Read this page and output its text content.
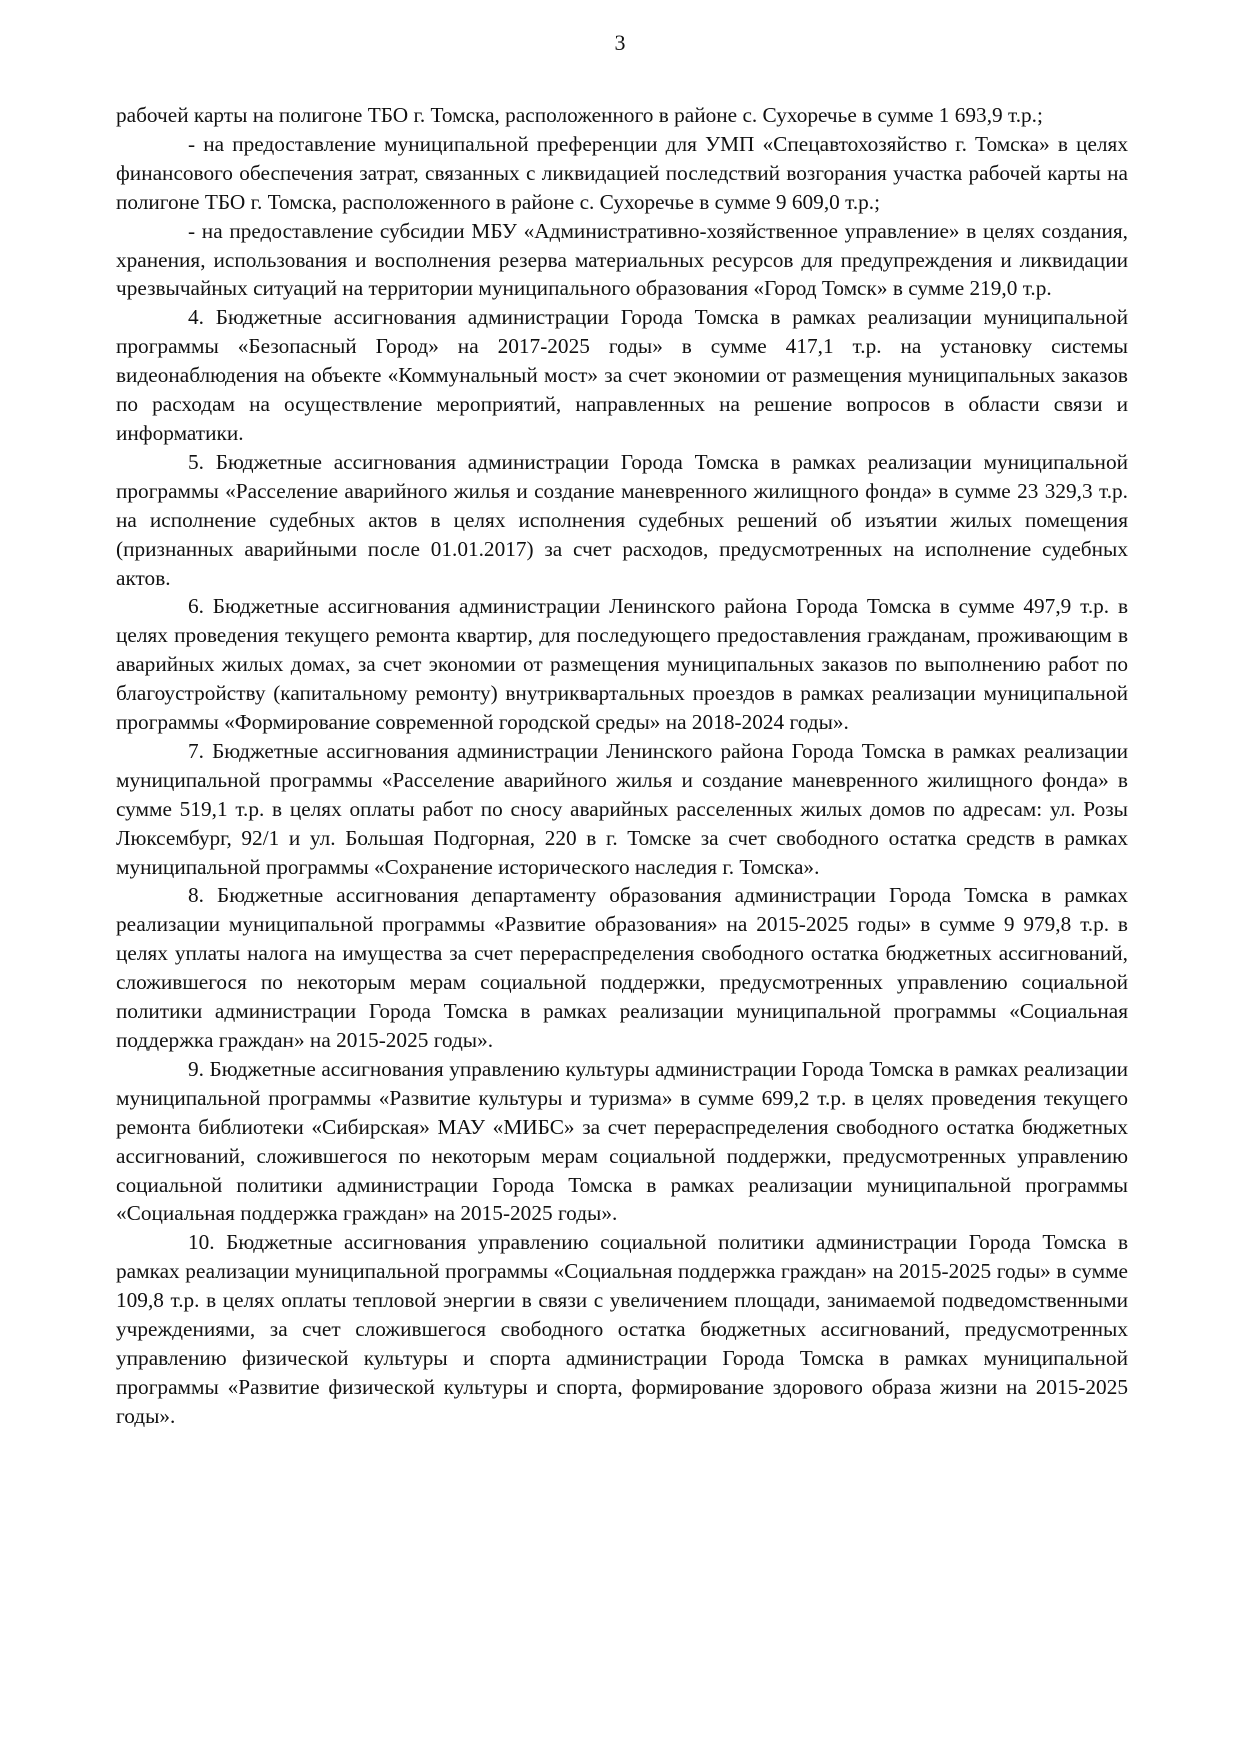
3

рабочей карты на полигоне ТБО г. Томска, расположенного в районе с. Сухоречье в сумме 1 693,9 т.р.;

- на предоставление муниципальной преференции для УМП «Спецавтохозяйство г. Томска» в целях финансового обеспечения затрат, связанных с ликвидацией последствий возгорания участка рабочей карты на полигоне ТБО г. Томска, расположенного в районе с. Сухоречье в сумме 9 609,0 т.р.;

- на предоставление субсидии МБУ «Административно-хозяйственное управление» в целях создания, хранения, использования и восполнения резерва материальных ресурсов для предупреждения и ликвидации чрезвычайных ситуаций на территории муниципального образования «Город Томск» в сумме 219,0 т.р.

4. Бюджетные ассигнования администрации Города Томска в рамках реализации муниципальной программы «Безопасный Город» на 2017-2025 годы» в сумме 417,1 т.р. на установку системы видеонаблюдения на объекте «Коммунальный мост» за счет экономии от размещения муниципальных заказов по расходам на осуществление мероприятий, направленных на решение вопросов в области связи и информатики.

5. Бюджетные ассигнования администрации Города Томска в рамках реализации муниципальной программы «Расселение аварийного жилья и создание маневренного жилищного фонда» в сумме 23 329,3 т.р. на исполнение судебных актов в целях исполнения судебных решений об изъятии жилых помещения (признанных аварийными после 01.01.2017) за счет расходов, предусмотренных на исполнение судебных актов.

6. Бюджетные ассигнования администрации Ленинского района Города Томска в сумме 497,9 т.р. в целях проведения текущего ремонта квартир, для последующего предоставления гражданам, проживающим в аварийных жилых домах, за счет экономии от размещения муниципальных заказов по выполнению работ по благоустройству (капитальному ремонту) внутриквартальных проездов в рамках реализации муниципальной программы «Формирование современной городской среды» на 2018-2024 годы».

7. Бюджетные ассигнования администрации Ленинского района Города Томска в рамках реализации муниципальной программы «Расселение аварийного жилья и создание маневренного жилищного фонда» в сумме 519,1 т.р. в целях оплаты работ по сносу аварийных расселенных жилых домов по адресам: ул. Розы Люксембург, 92/1 и ул. Большая Подгорная, 220 в г. Томске за счет свободного остатка средств в рамках муниципальной программы «Сохранение исторического наследия г. Томска».

8. Бюджетные ассигнования департаменту образования администрации Города Томска в рамках реализации муниципальной программы «Развитие образования» на 2015-2025 годы» в сумме 9 979,8 т.р. в целях уплаты налога на имущества за счет перераспределения свободного остатка бюджетных ассигнований, сложившегося по некоторым мерам социальной поддержки, предусмотренных управлению социальной политики администрации Города Томска в рамках реализации муниципальной программы «Социальная поддержка граждан» на 2015-2025 годы».

9. Бюджетные ассигнования управлению культуры администрации Города Томска в рамках реализации муниципальной программы «Развитие культуры и туризма» в сумме 699,2 т.р. в целях проведения текущего ремонта библиотеки «Сибирская» МАУ «МИБС» за счет перераспределения свободного остатка бюджетных ассигнований, сложившегося по некоторым мерам социальной поддержки, предусмотренных управлению социальной политики администрации Города Томска в рамках реализации муниципальной программы «Социальная поддержка граждан» на 2015-2025 годы».

10. Бюджетные ассигнования управлению социальной политики администрации Города Томска в рамках реализации муниципальной программы «Социальная поддержка граждан» на 2015-2025 годы» в сумме 109,8 т.р. в целях оплаты тепловой энергии в связи с увеличением площади, занимаемой подведомственными учреждениями, за счет сложившегося свободного остатка бюджетных ассигнований, предусмотренных управлению физической культуры и спорта администрации Города Томска в рамках муниципальной программы «Развитие физической культуры и спорта, формирование здорового образа жизни на 2015-2025 годы».
